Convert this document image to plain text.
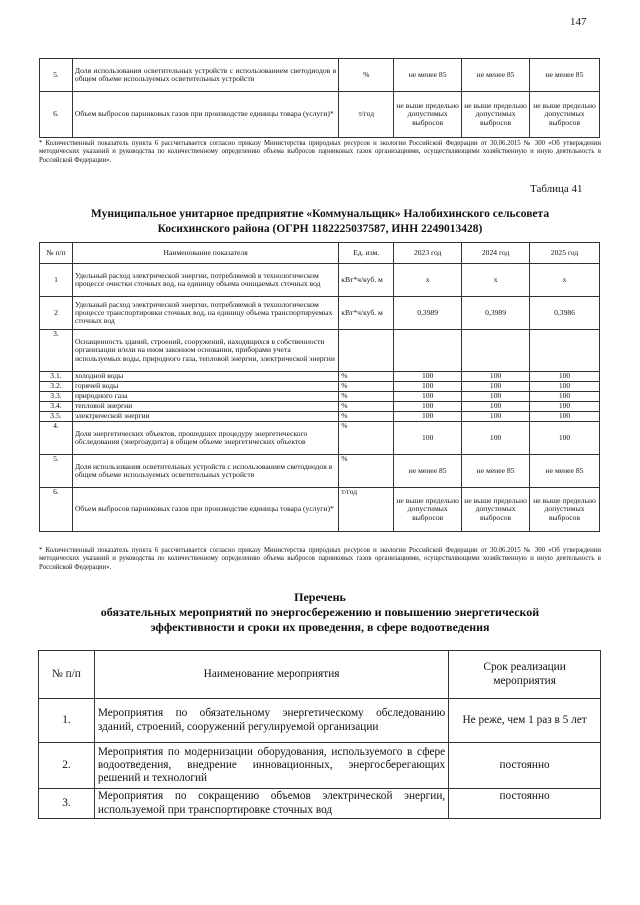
147
5.	Доля использования осветительных устройств с использованием светодиодов в общем объеме используемых осветительных устройств	%	не менее 85	не менее 85	не менее 85
6.	Объем выбросов парниковых газов при производстве единицы товара (услуги)*	т/год	не выше предельно допустимых выбросов	не выше предельно допустимых выбросов	не выше предельно допустимых выбросов
* Количественный показатель пункта 6 рассчитывается согласно приказу Министерства природных ресурсов и экологии Российской Федерации от 30.06.2015 № 300 «Об утверждении методических указаний и руководства по количественному определению объема выбросов парниковых газов организациями, осуществляющими хозяйственную и иную деятельность в Российской Федерации».
Таблица 41
Муниципальное унитарное предприятие «Коммунальщик» Налобихинского сельсовета
Косихинского района (ОГРН 1182225037587, ИНН 2249013428)
№ п/п	Наименование показателя	Ед. изм.	2023 год	2024 год	2025 год
1	Удельный расход электрической энергии, потребляемой в технологическом процессе очистки сточных вод, на единицу объема очищаемых сточных вод	кВт*ч/куб. м	х	х	х
2	Удельный расход электрической энергии, потребляемой в технологическом процессе транспортировки сточных вод, на единицу объема транспортируемых сточных вод	кВт*ч/куб. м	0,3989	0,3989	0,3986
3.	Оснащенность зданий, строений, сооружений, находящихся в собственности организации и/или на ином законном основании, приборами учета используемых воды, природного газа, тепловой энергии, электрической энергии				
3.1.	холодной воды	%	100	100	100
3.2.	горячей воды	%	100	100	100
3.3.	природного газа	%	100	100	100
3.4.	тепловой энергии	%	100	100	100
3.5.	электрической энергии	%	100	100	100
4.	Доля энергетических объектов, прошедших процедуру энергетического обследования (энергоаудита) в общем объеме энергетических объектов	%	100	100	100
5.	Доля использования осветительных устройств с использованием светодиодов в общем объеме используемых осветительных устройств	%	не менее 85	не менее 85	не менее 85
6.	Объем выбросов парниковых газов при производстве единицы товара (услуги)*	т/год	не выше предельно допустимых выбросов	не выше предельно допустимых выбросов	не выше предельно допустимых выбросов
* Количественный показатель пункта 6 рассчитывается согласно приказу Министерства природных ресурсов и экологии Российской Федерации от 30.06.2015 № 300 «Об утверждении методических указаний и руководства по количественному определению объема выбросов парниковых газов организациями, осуществляющими хозяйственную и иную деятельность в Российской Федерации».
Перечень
обязательных мероприятий по энергосбережению и повышению энергетической
эффективности и сроки их проведения, в сфере водоотведения
№ п/п	Наименование мероприятия	Срок реализации мероприятия
1.	Мероприятия по обязательному энергетическому обследованию зданий, строений, сооружений регулируемой организации	Не реже, чем 1 раз в 5 лет
2.	Мероприятия по модернизации оборудования, используемого в сфере водоотведения, внедрение инновационных, энергосберегающих решений и технологий	постоянно
3.	Мероприятия по сокращению объемов электрической энергии, используемой при транспортировке сточных вод	постоянно
